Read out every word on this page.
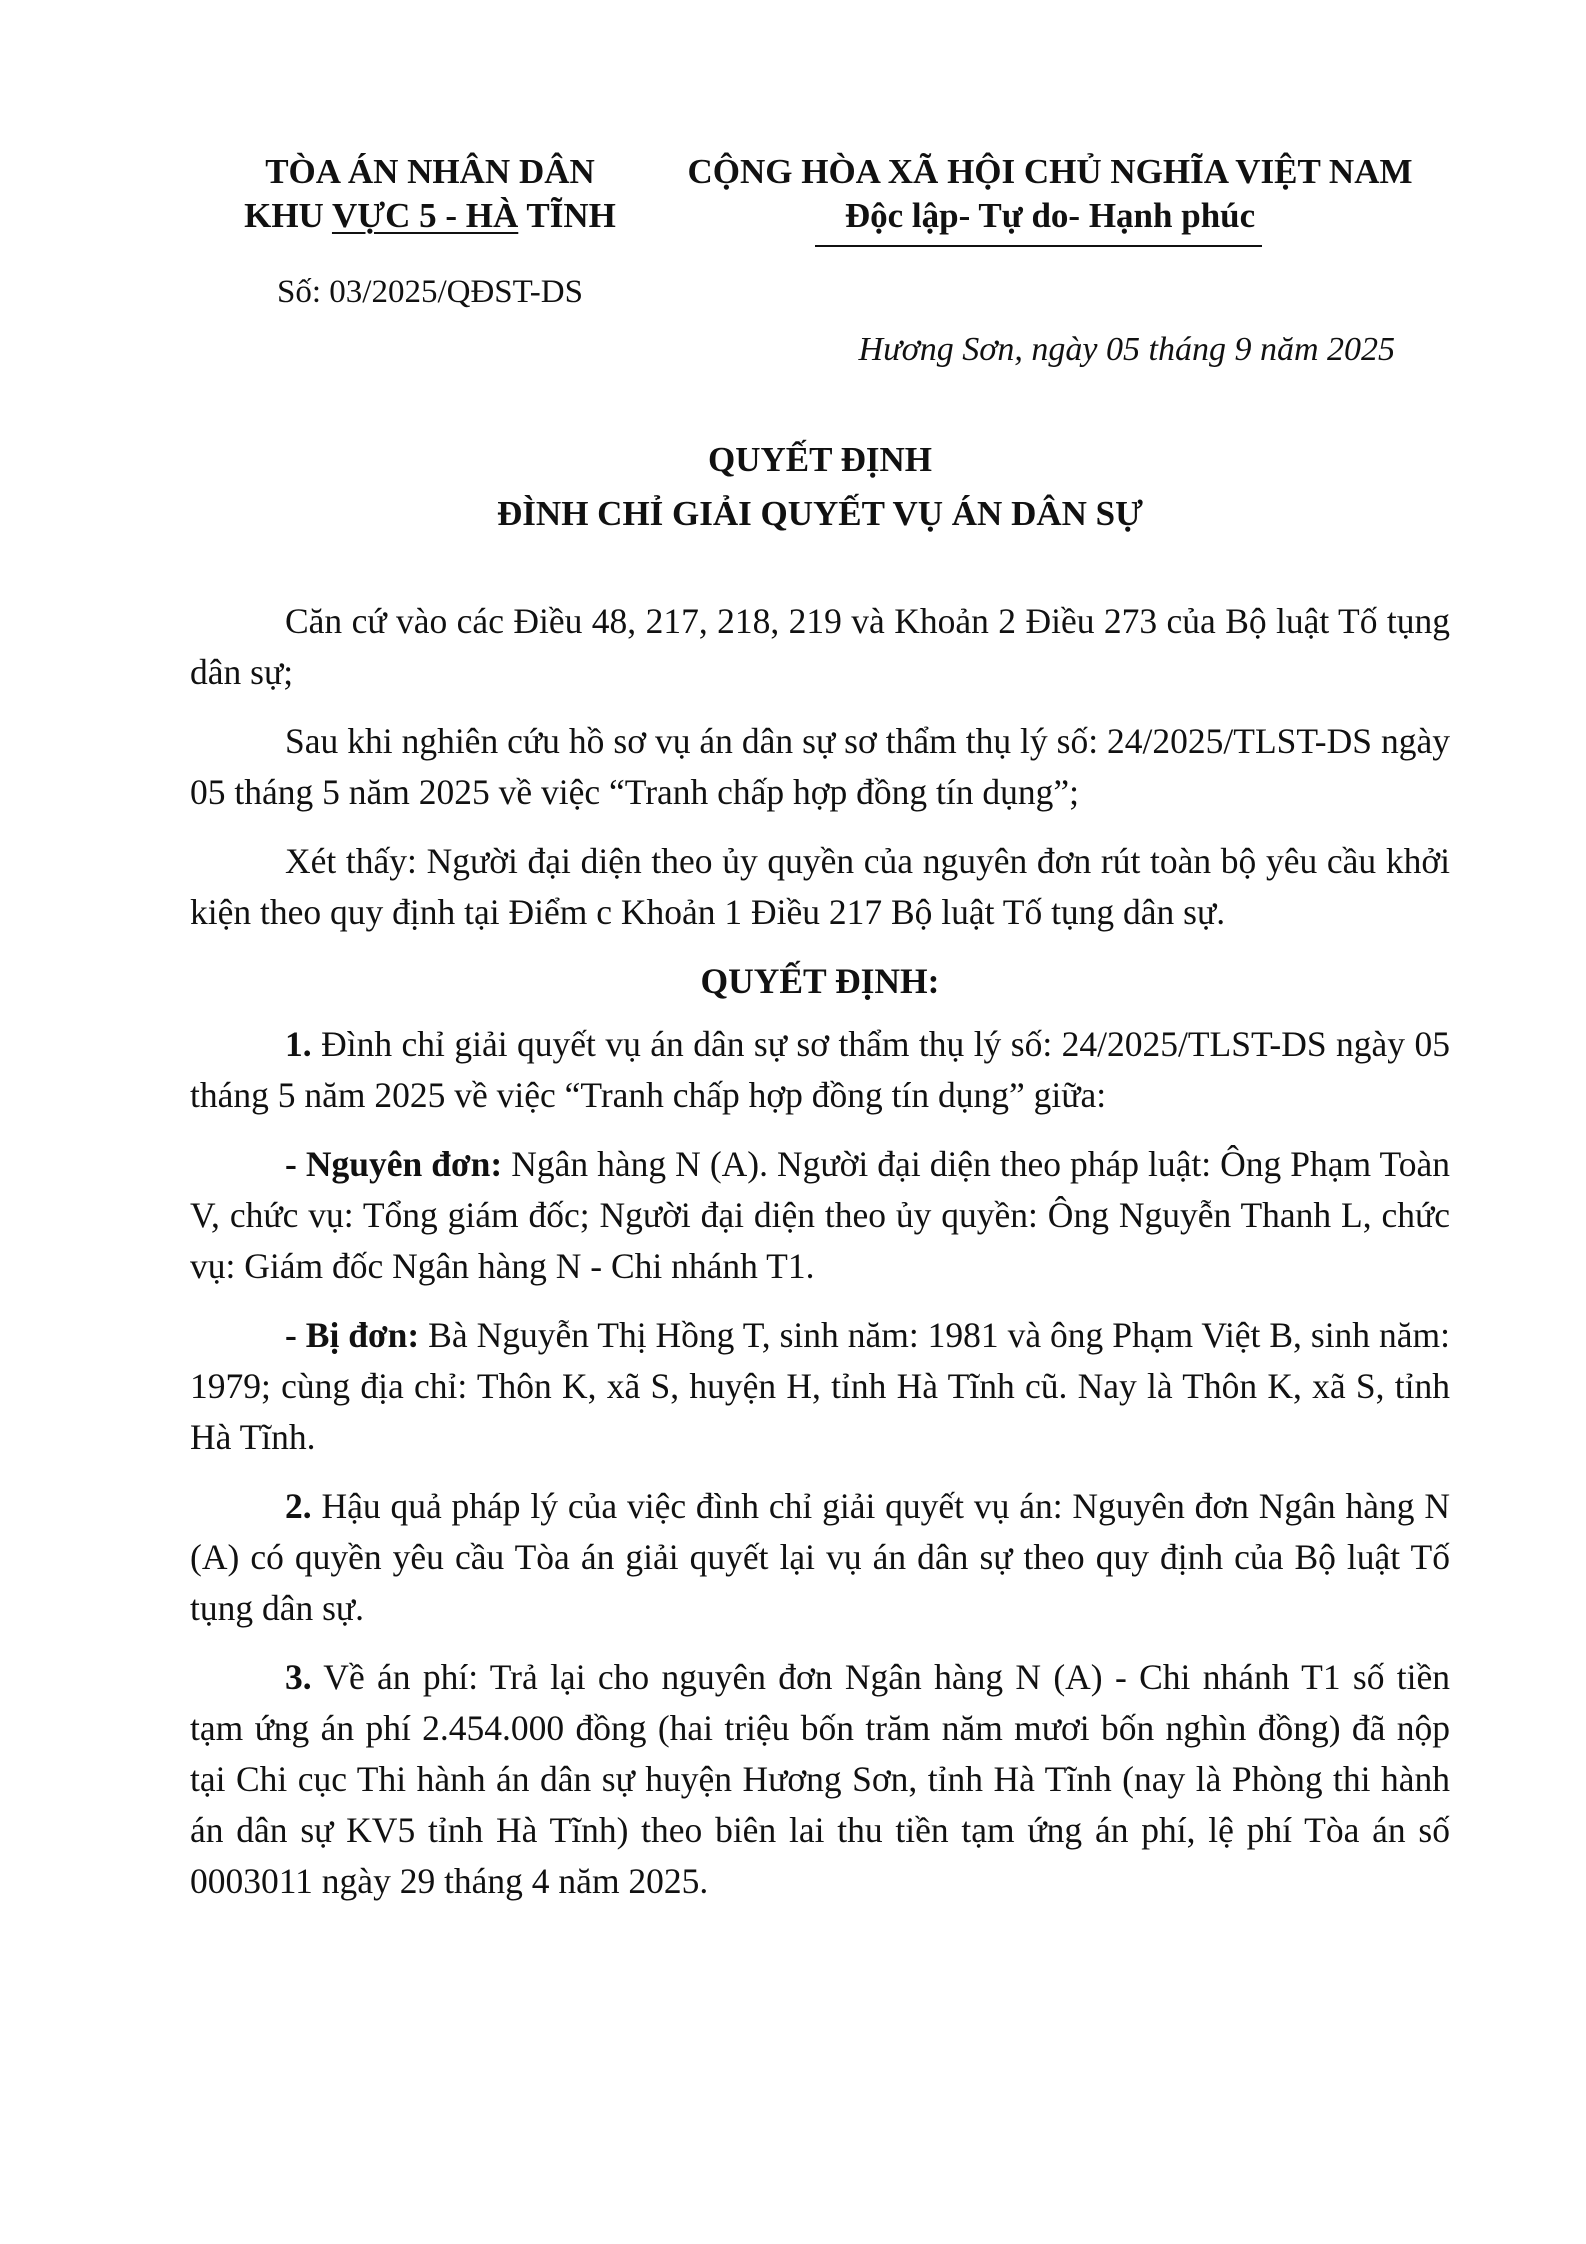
TÒA ÁN NHÂN DÂN
KHU VỰC 5 - HÀ TĨNH
CỘNG HÒA XÃ HỘI CHỦ NGHĨA VIỆT NAM
Độc lập- Tự do- Hạnh phúc
Số: 03/2025/QĐST-DS
Hương Sơn, ngày 05 tháng 9 năm 2025
QUYẾT ĐỊNH
ĐÌNH CHỈ GIẢI QUYẾT VỤ ÁN DÂN SỰ

Căn cứ vào các Điều 48, 217, 218, 219 và Khoản 2 Điều 273 của Bộ luật Tố tụng dân sự;

Sau khi nghiên cứu hồ sơ vụ án dân sự sơ thẩm thụ lý số: 24/2025/TLST-DS ngày 05 tháng 5 năm 2025 về việc “Tranh chấp hợp đồng tín dụng”;

Xét thấy: Người đại diện theo ủy quyền của nguyên đơn rút toàn bộ yêu cầu khởi kiện theo quy định tại Điểm c Khoản 1 Điều 217 Bộ luật Tố tụng dân sự.

QUYẾT ĐỊNH:

1. Đình chỉ giải quyết vụ án dân sự sơ thẩm thụ lý số: 24/2025/TLST-DS ngày 05 tháng 5 năm 2025 về việc “Tranh chấp hợp đồng tín dụng” giữa:

- Nguyên đơn: Ngân hàng N (A). Người đại diện theo pháp luật: Ông Phạm Toàn V, chức vụ: Tổng giám đốc; Người đại diện theo ủy quyền: Ông Nguyễn Thanh L, chức vụ: Giám đốc Ngân hàng N - Chi nhánh T1.

- Bị đơn: Bà Nguyễn Thị Hồng T, sinh năm: 1981 và ông Phạm Việt B, sinh năm: 1979; cùng địa chỉ: Thôn K, xã S, huyện H, tỉnh Hà Tĩnh cũ. Nay là Thôn K, xã S, tỉnh Hà Tĩnh.

2. Hậu quả pháp lý của việc đình chỉ giải quyết vụ án: Nguyên đơn Ngân hàng N (A) có quyền yêu cầu Tòa án giải quyết lại vụ án dân sự theo quy định của Bộ luật Tố tụng dân sự.

3. Về án phí: Trả lại cho nguyên đơn Ngân hàng N (A) - Chi nhánh T1 số tiền tạm ứng án phí 2.454.000 đồng (hai triệu bốn trăm năm mươi bốn nghìn đồng) đã nộp tại Chi cục Thi hành án dân sự huyện Hương Sơn, tỉnh Hà Tĩnh (nay là Phòng thi hành án dân sự KV5 tỉnh Hà Tĩnh) theo biên lai thu tiền tạm ứng án phí, lệ phí Tòa án số 0003011 ngày 29 tháng 4 năm 2025.
